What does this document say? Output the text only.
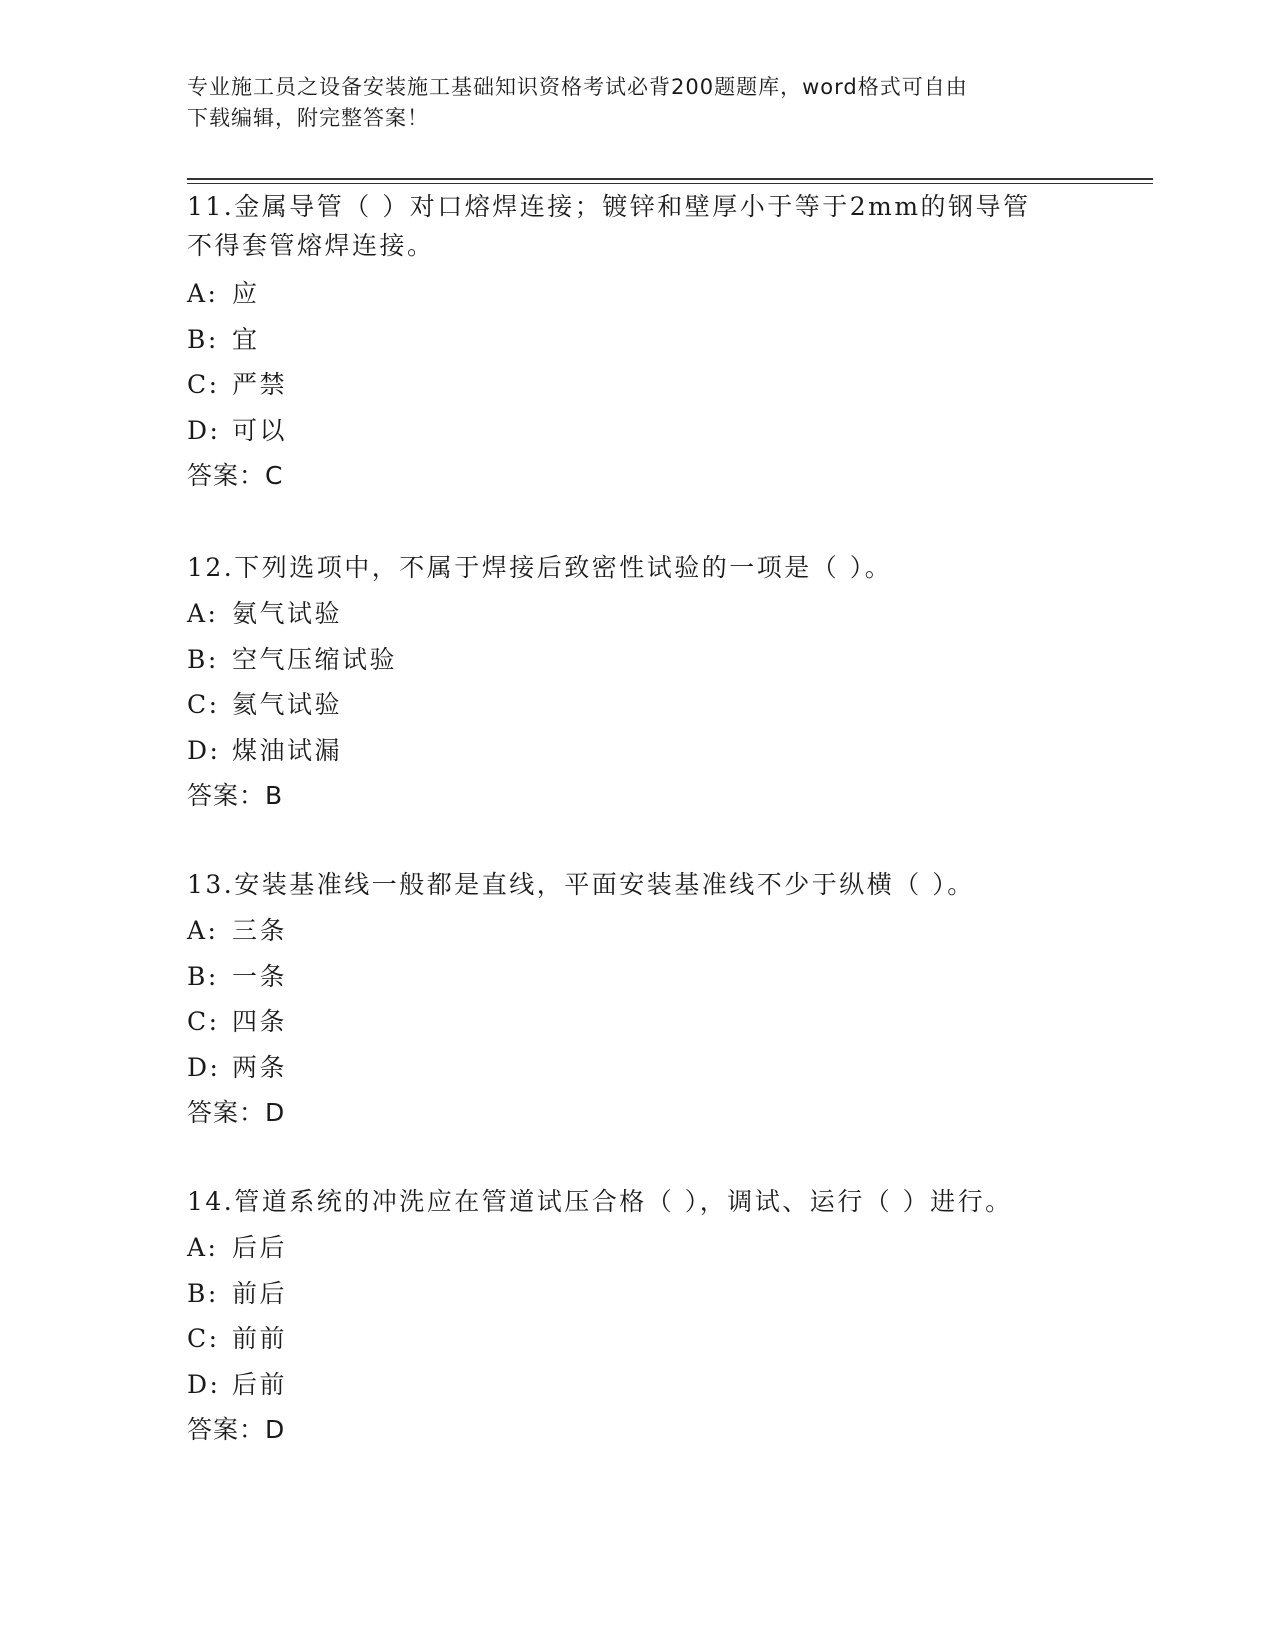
专业施工员之设备安装施工基础知识资格考试必背200题题库，word格式可自由
下载编辑，附完整答案！
11.金属导管（ ）对口熔焊连接；镀锌和壁厚小于等于2mm的钢导管
不得套管熔焊连接。
A: 应
B: 宜
C: 严禁
D: 可以
答案：C
12.下列选项中，不属于焊接后致密性试验的一项是（ ）。
A: 氨气试验
B: 空气压缩试验
C: 氦气试验
D: 煤油试漏
答案：B
13.安装基准线一般都是直线，平面安装基准线不少于纵横（ ）。
A: 三条
B: 一条
C: 四条
D: 两条
答案：D
14.管道系统的冲洗应在管道试压合格（ ），调试、运行（ ）进行。
A: 后后
B: 前后
C: 前前
D: 后前
答案：D
